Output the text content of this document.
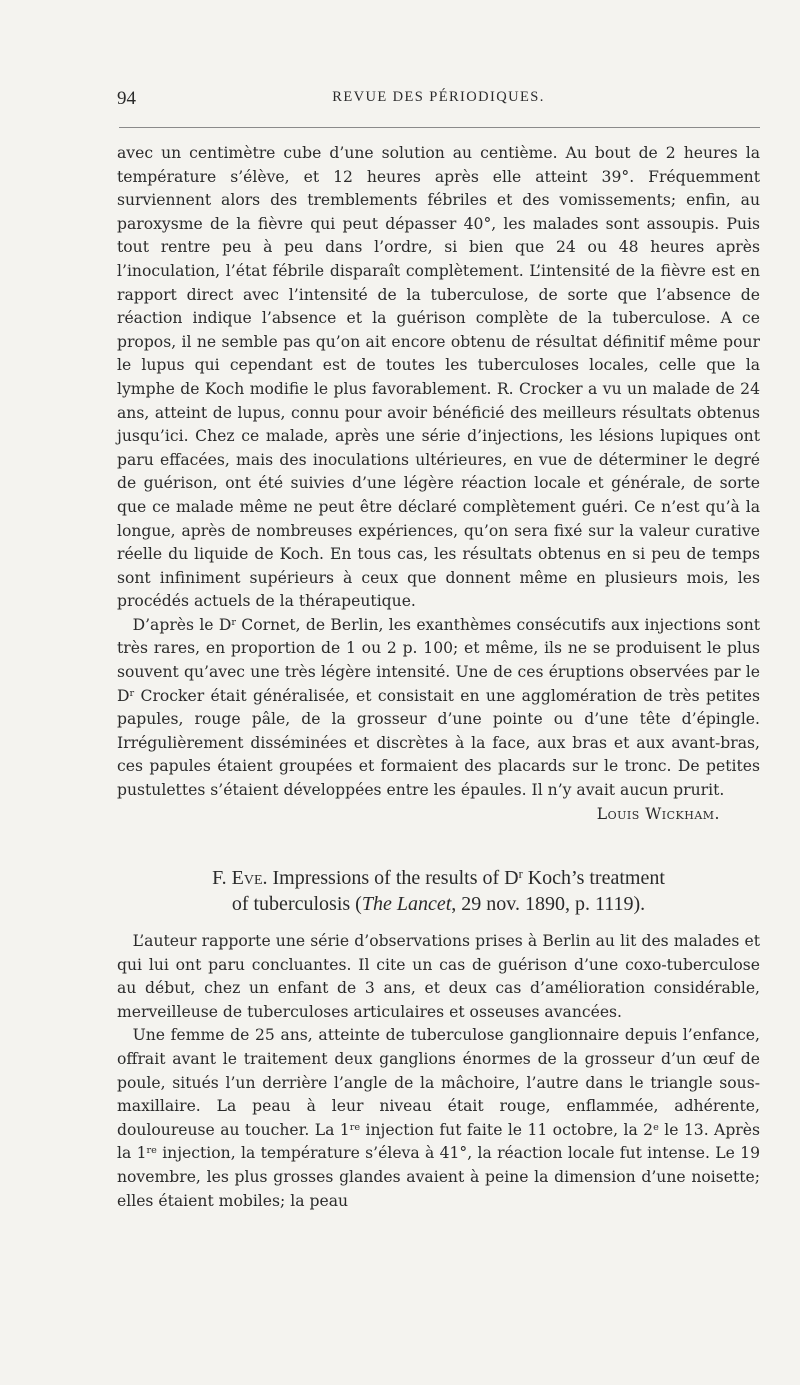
94	REVUE DES PÉRIODIQUES.

avec un centimètre cube d’une solution au centième. Au bout de 2 heures la température s’élève, et 12 heures après elle atteint 39°. Fréquemment surviennent alors des tremblements fébriles et des vomissements; enfin, au paroxysme de la fièvre qui peut dépasser 40°, les malades sont assoupis. Puis tout rentre peu à peu dans l’ordre, si bien que 24 ou 48 heures après l’inoculation, l’état fébrile disparaît complètement. L’intensité de la fièvre est en rapport direct avec l’intensité de la tuberculose, de sorte que l’absence de réaction indique l’absence et la guérison complète de la tuberculose. A ce propos, il ne semble pas qu’on ait encore obtenu de résultat définitif même pour le lupus qui cependant est de toutes les tuberculoses locales, celle que la lymphe de Koch modifie le plus favorablement. R. Crocker a vu un malade de 24 ans, atteint de lupus, connu pour avoir bénéficié des meilleurs résultats obtenus jusqu’ici. Chez ce malade, après une série d’injections, les lésions lupiques ont paru effacées, mais des inoculations ultérieures, en vue de déterminer le degré de guérison, ont été suivies d’une légère réaction locale et générale, de sorte que ce malade même ne peut être déclaré complètement guéri. Ce n’est qu’à la longue, après de nombreuses expériences, qu’on sera fixé sur la valeur curative réelle du liquide de Koch. En tous cas, les résultats obtenus en si peu de temps sont infiniment supérieurs à ceux que donnent même en plusieurs mois, les procédés actuels de la thérapeutique.

D’après le $D^r$ Cornet, de Berlin, les exanthèmes consécutifs aux injections sont très rares, en proportion de 1 ou 2 p. 100; et même, ils ne se produisent le plus souvent qu’avec une très légère intensité. Une de ces éruptions observées par le $D^r$ Crocker était généralisée, et consistait en une agglomération de très petites papules, rouge pâle, de la grosseur d’une pointe ou d’une tête d’épingle. Irrégulièrement disséminées et discrètes à la face, aux bras et aux avant-bras, ces papules étaient groupées et formaient des placards sur le tronc. De petites pustulettes s’étaient développées entre les épaules. Il n’y avait aucun prurit.

Louis Wickham.

F. Eve. Impressions of the results of $D^r$ Koch’s treatment
of tuberculosis (The Lancet, 29 nov. 1890, p. 1119).

L’auteur rapporte une série d’observations prises à Berlin au lit des malades et qui lui ont paru concluantes. Il cite un cas de guérison d’une coxo-tuberculose au début, chez un enfant de 3 ans, et deux cas d’amélioration considérable, merveilleuse de tuberculoses articulaires et osseuses avancées.

Une femme de 25 ans, atteinte de tuberculose ganglionnaire depuis l’enfance, offrait avant le traitement deux ganglions énormes de la grosseur d’un œuf de poule, situés l’un derrière l’angle de la mâchoire, l’autre dans le triangle sous-maxillaire. La peau à leur niveau était rouge, enflammée, adhérente, douloureuse au toucher. La 1re injection fut faite le 11 octobre, la 2e le 13. Après la 1re injection, la température s’éleva à 41°, la réaction locale fut intense. Le 19 novembre, les plus grosses glandes avaient à peine la dimension d’une noisette; elles étaient mobiles; la peau
